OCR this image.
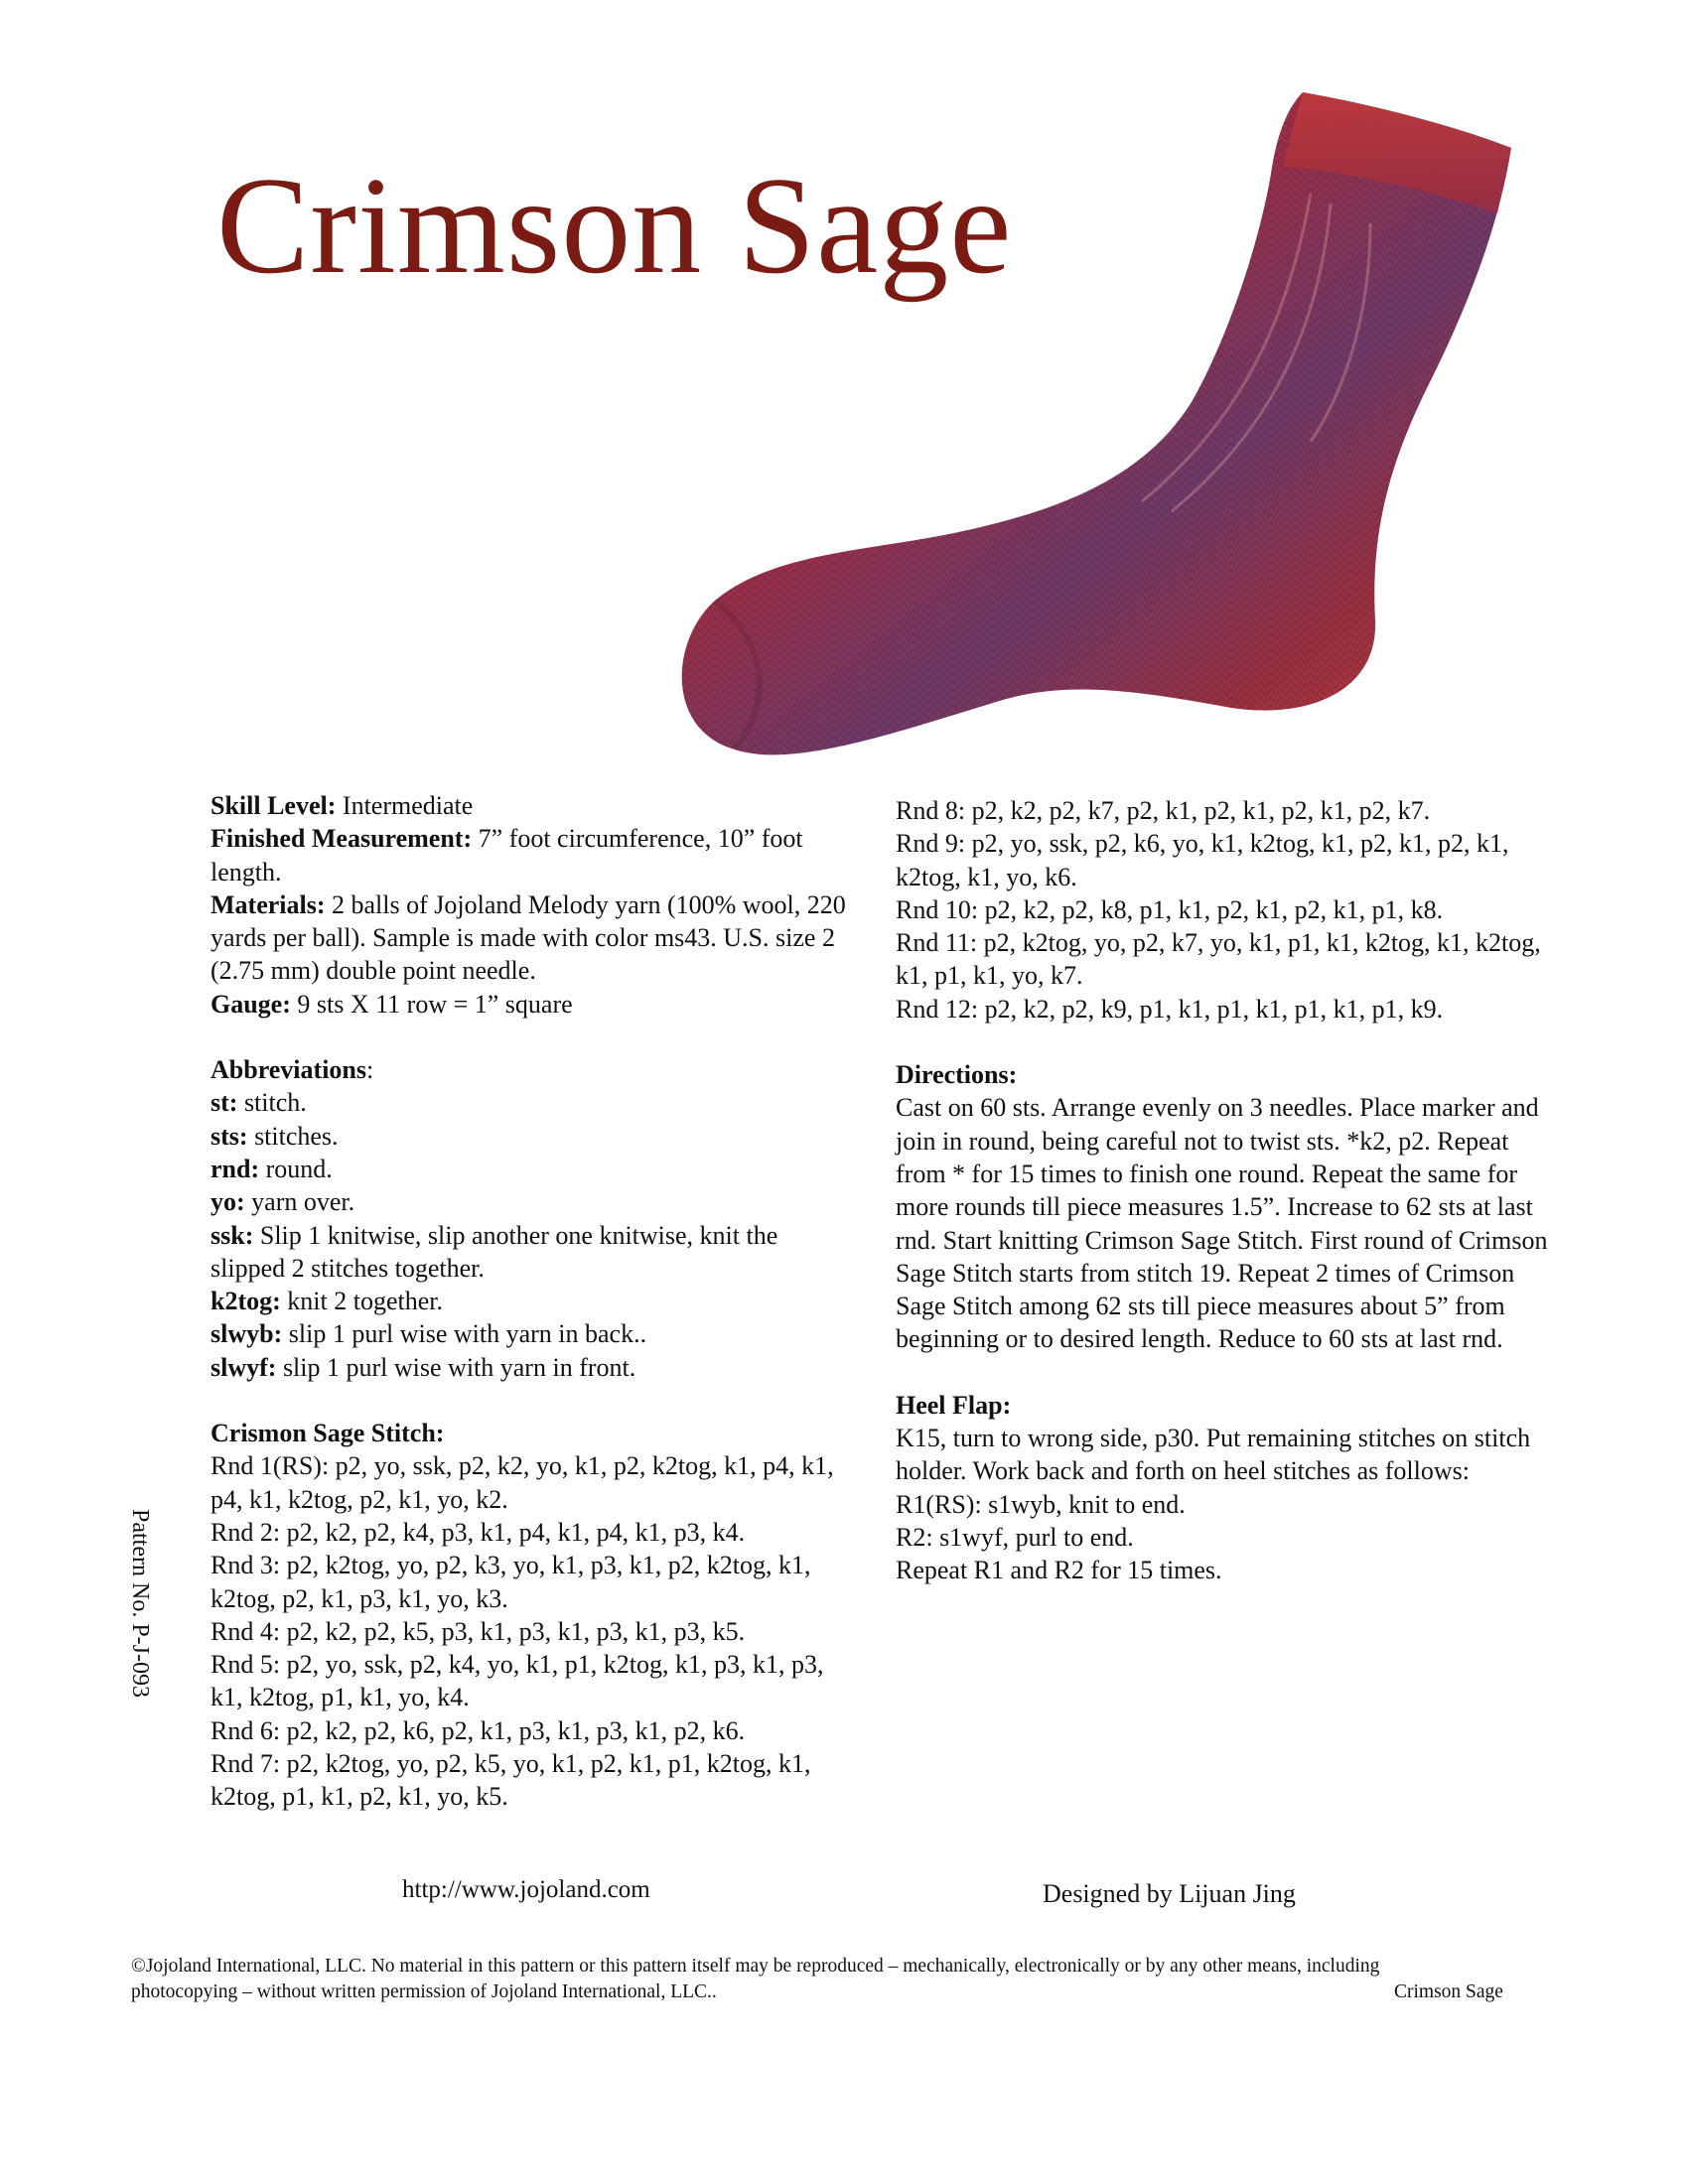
Crimson Sage

Skill Level: Intermediate

Finished Measurement: 7” foot circumference, 10” foot length.

Materials: 2 balls of Jojoland Melody yarn (100% wool, 220 yards per ball). Sample is made with color ms43. U.S. size 2 (2.75 mm) double point needle.

Gauge: 9 sts X 11 row = 1” square

Abbreviations:

st: stitch.

sts: stitches.

rnd: round.

yo: yarn over.

ssk: Slip 1 knitwise, slip another one knitwise, knit the slipped 2 stitches together.

k2tog: knit 2 together.

slwyb: slip 1 purl wise with yarn in back..

slwyf: slip 1 purl wise with yarn in front.

Crismon Sage Stitch:

Rnd 1(RS): p2, yo, ssk, p2, k2, yo, k1, p2, k2tog, k1, p4, k1, p4, k1, k2tog, p2, k1, yo, k2.

Rnd 2: p2, k2, p2, k4, p3, k1, p4, k1, p4, k1, p3, k4.

Rnd 3: p2, k2tog, yo, p2, k3, yo, k1, p3, k1, p2, k2tog, k1, k2tog, p2, k1, p3, k1, yo, k3.

Rnd 4: p2, k2, p2, k5, p3, k1, p3, k1, p3, k1, p3, k5.

Rnd 5: p2, yo, ssk, p2, k4, yo, k1, p1, k2tog, k1, p3, k1, p3, k1, k2tog, p1, k1, yo, k4.

Rnd 6: p2, k2, p2, k6, p2, k1, p3, k1, p3, k1, p2, k6.

Rnd 7: p2, k2tog, yo, p2, k5, yo, k1, p2, k1, p1, k2tog, k1, k2tog, p1, k1, p2, k1, yo, k5.

Rnd 8: p2, k2, p2, k7, p2, k1, p2, k1, p2, k1, p2, k7.

Rnd 9: p2, yo, ssk, p2, k6, yo, k1, k2tog, k1, p2, k1, p2, k1, k2tog, k1, yo, k6.

Rnd 10: p2, k2, p2, k8, p1, k1, p2, k1, p2, k1, p1, k8.

Rnd 11: p2, k2tog, yo, p2, k7, yo, k1, p1, k1, k2tog, k1, k2tog, k1, p1, k1, yo, k7.

Rnd 12: p2, k2, p2, k9, p1, k1, p1, k1, p1, k1, p1, k9.

Directions:

Cast on 60 sts. Arrange evenly on 3 needles. Place marker and join in round, being careful not to twist sts. *k2, p2. Repeat from * for 15 times to finish one round. Repeat the same for more rounds till piece measures 1.5”. Increase to 62 sts at last rnd. Start knitting Crimson Sage Stitch. First round of Crimson Sage Stitch starts from stitch 19. Repeat 2 times of Crimson Sage Stitch among 62 sts till piece measures about 5” from beginning or to desired length. Reduce to 60 sts at last rnd.

Heel Flap:

K15, turn to wrong side, p30. Put remaining stitches on stitch holder. Work back and forth on heel stitches as follows:

R1(RS): s1wyb, knit to end.

R2: s1wyf, purl to end.

Repeat R1 and R2 for 15 times.

Pattern No. P-J-093
http://www.jojoland.com	Designed by Lijuan Jing
©Jojoland International, LLC. No material in this pattern or this pattern itself may be reproduced – mechanically, electronically or by any other means, including
photocopying – without written permission of Jojoland International, LLC..	Crimson Sage
